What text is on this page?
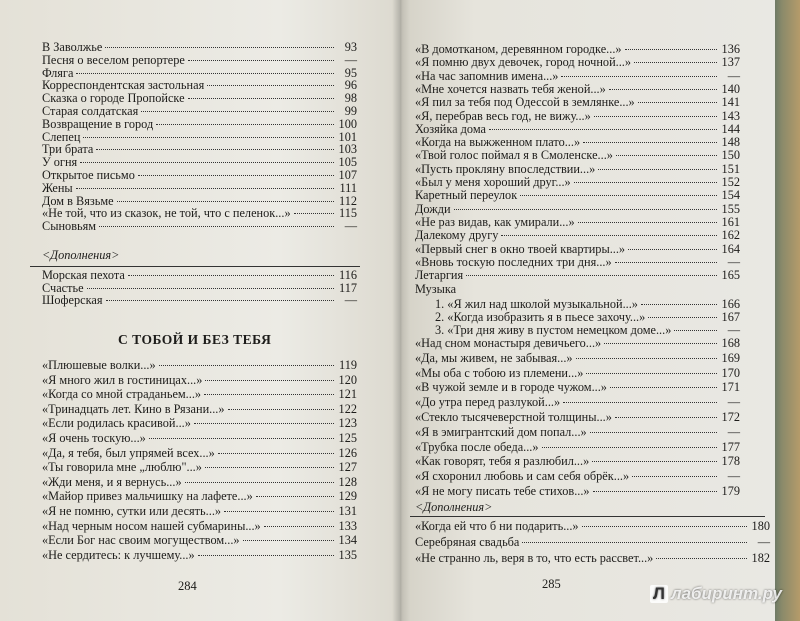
В Заволжье	93
Песня о веселом репортере	—
Фляга	95
Корреспондентская застольная	96
Сказка о городе Пропойске	98
Старая солдатская	99
Возвращение в город	100
Слепец	101
Три брата	103
У огня	105
Открытое письмо	107
Жены	111
Дом в Вязьме	112
«Не той, что из сказок, не той, что с пеленок...»	115
Сыновьям	—
<Дополнения>
Морская пехота	116
Счастье	117
Шоферская	—
С ТОБОЙ И БЕЗ ТЕБЯ
«Плюшевые волки...»	119
«Я много жил в гостиницах...»	120
«Когда со мной страданьем...»	121
«Тринадцать лет. Кино в Рязани...»	122
«Если родилась красивой...»	123
«Я очень тоскую...»	125
«Да, я тебя, был упрямей всех...»	126
«Ты говорила мне „люблю"...»	127
«Жди меня, и я вернусь...»	128
«Майор привез мальчишку на лафете...»	129
«Я не помню, сутки или десять...»	131
«Над черным носом нашей субмарины...»	133
«Если Бог нас своим могуществом...»	134
«Не сердитесь: к лучшему...»	135
284
«В домотканом, деревянном городке...»	136
«Я помню двух девочек, город ночной...»	137
«На час запомнив имена...»	—
«Мне хочется назвать тебя женой...»	140
«Я пил за тебя под Одессой в землянке...»	141
«Я, перебрав весь год, не вижу...»	143
Хозяйка дома	144
«Когда на выжженном плато...»	148
«Твой голос поймал я в Смоленске...»	150
«Пусть прокляну впоследствии...»	151
«Был у меня хороший друг...»	152
Каретный переулок	154
Дожди	155
«Не раз видав, как умирали...»	161
Далекому другу	162
«Первый снег в окно твоей квартиры...»	164
«Вновь тоскую последних три дня...»	—
Летаргия	165
Музыка
1. «Я жил над школой музыкальной...»	166
2. «Когда изобразить я в пьесе захочу...»	167
3. «Три дня живу в пустом немецком доме...»	—
«Над сном монастыря девичьего...»	168
«Да, мы живем, не забывая...»	169
«Мы оба с тобою из племени...»	170
«В чужой земле и в городе чужом...»	171
«До утра перед разлукой...»	—
«Стекло тысячеверстной толщины...»	172
«Я в эмигрантский дом попал...»	—
«Трубка после обеда...»	177
«Как говорят, тебя я разлюбил...»	178
«Я схоронил любовь и сам себя обрёк...»	—
«Я не могу писать тебе стихов...»	179
<Дополнения>
«Когда ей что б ни подарить...»	180
Серебряная свадьба	—
«Не странно ль, веря в то, что есть рассвет...»	182
285	Л лабиринт.ру
